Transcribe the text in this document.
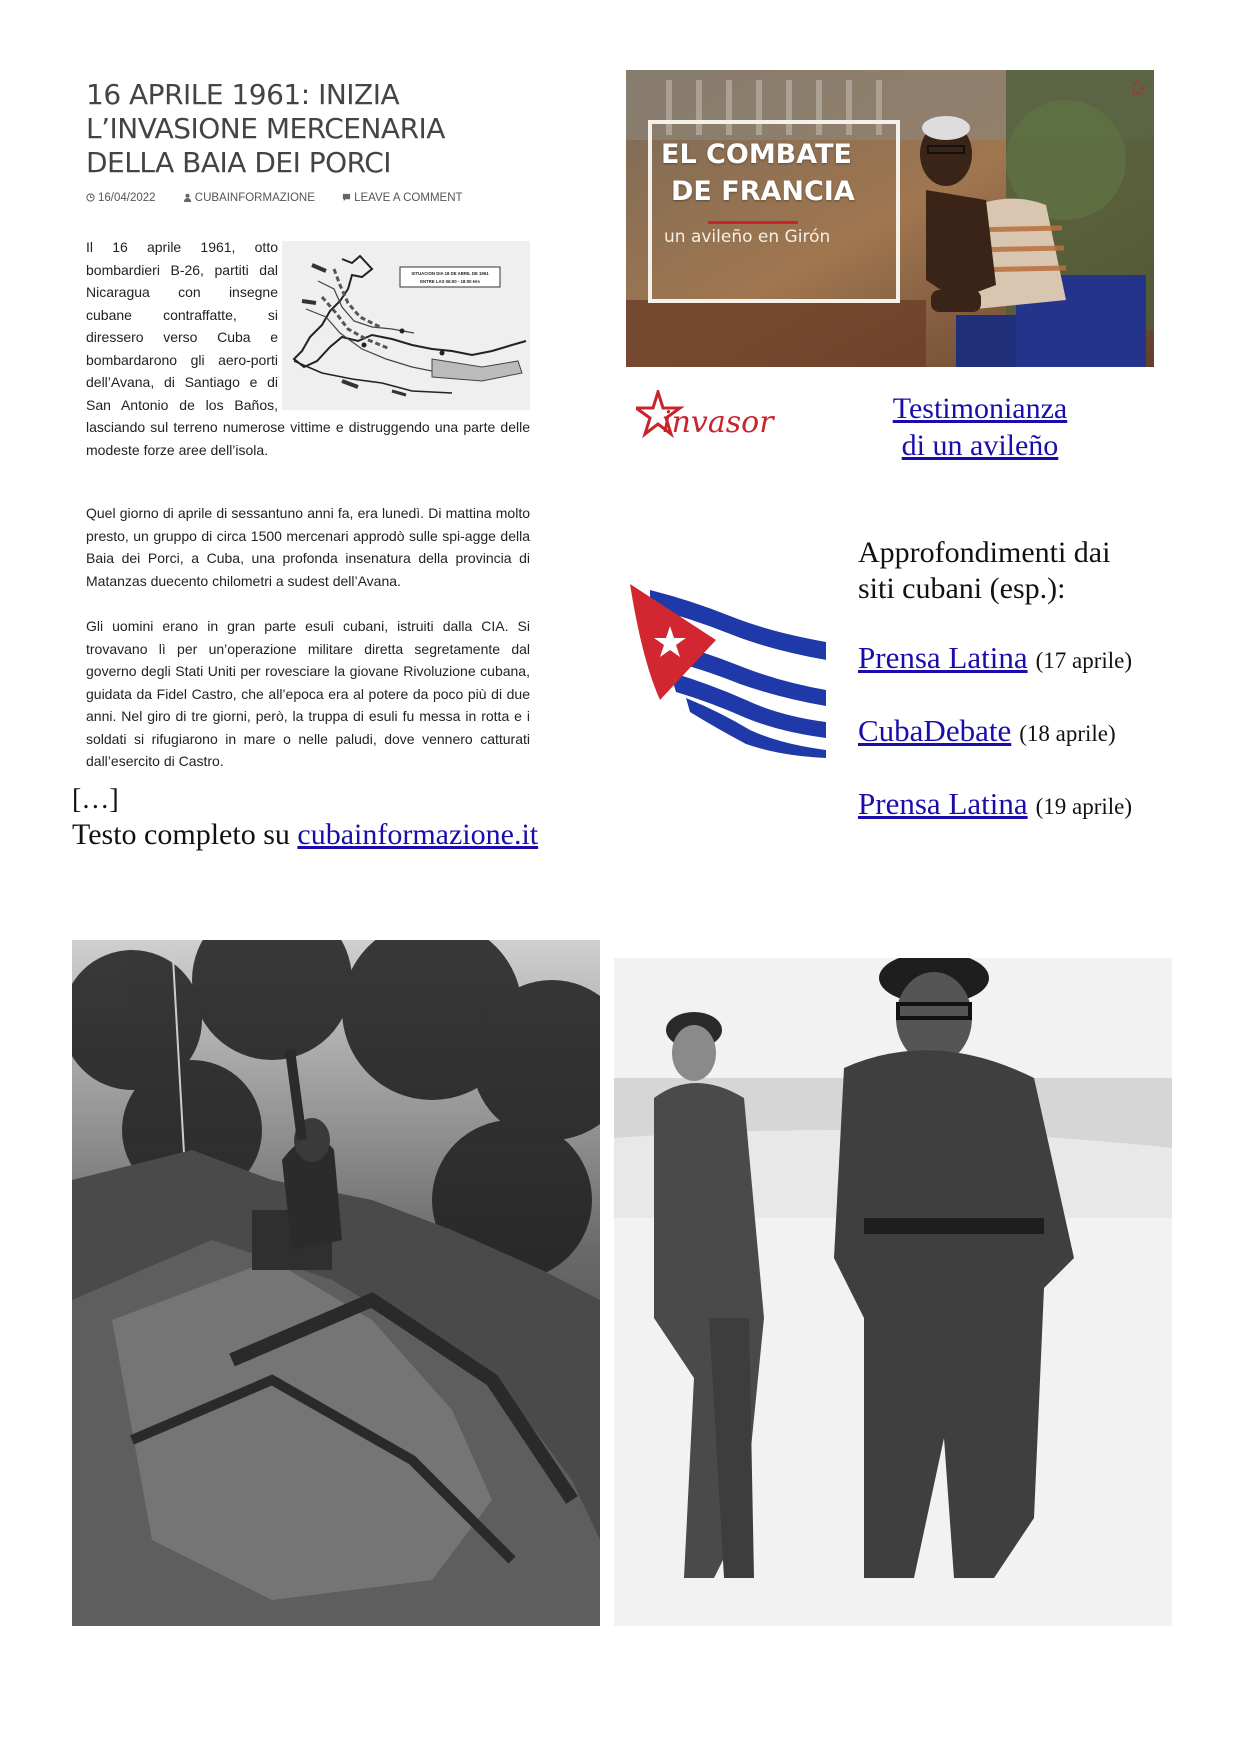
16 APRILE 1961: INIZIA L’INVASIONE MERCENARIA DELLA BAIA DEI PORCI
16/04/2022	CUBAINFORMAZIONE	LEAVE A COMMENT
SITUACION DIA 18 DE ABRIL DE 1961
ENTRE LAS 06:00 - 18:00 Hrs

Il 16 aprile 1961, otto bombardieri B-26, partiti dal Nicaragua con insegne cubane contraffatte, si diressero verso Cuba e bombardarono gli aero-porti dell’Avana, di Santiago e di San Antonio de los Baños, lasciando sul terreno numerose vittime e distruggendo una parte delle modeste forze aree dell’isola.

Quel giorno di aprile di sessantuno anni fa, era lunedì. Di mattina molto presto, un gruppo di circa 1500 mercenari approdò sulle spi-agge della Baia dei Porci, a Cuba, una profonda insenatura della provincia di Matanzas duecento chilometri a sudest dell’Avana.

Gli uomini erano in gran parte esuli cubani, istruiti dalla CIA. Si trovavano lì per un’operazione militare diretta segretamente dal governo degli Stati Uniti per rovesciare la giovane Rivoluzione cubana, guidata da Fidel Castro, che all’epoca era al potere da poco più di due anni. Nel giro di tre giorni, però, la truppa di esuli fu messa in rotta e i soldati si rifugiarono in mare o nelle paludi, dove vennero catturati dall’esercito di Castro.

[…]
Testo completo su cubainformazione.it
EL COMBATE
DE FRANCIA
un avileño en Girón
✩
invasor	Testimonianza
di un avileño
Approfondimenti dai
siti cubani (esp.):
Prensa Latina (17 aprile)
CubaDebate (18 aprile)
Prensa Latina (19 aprile)
